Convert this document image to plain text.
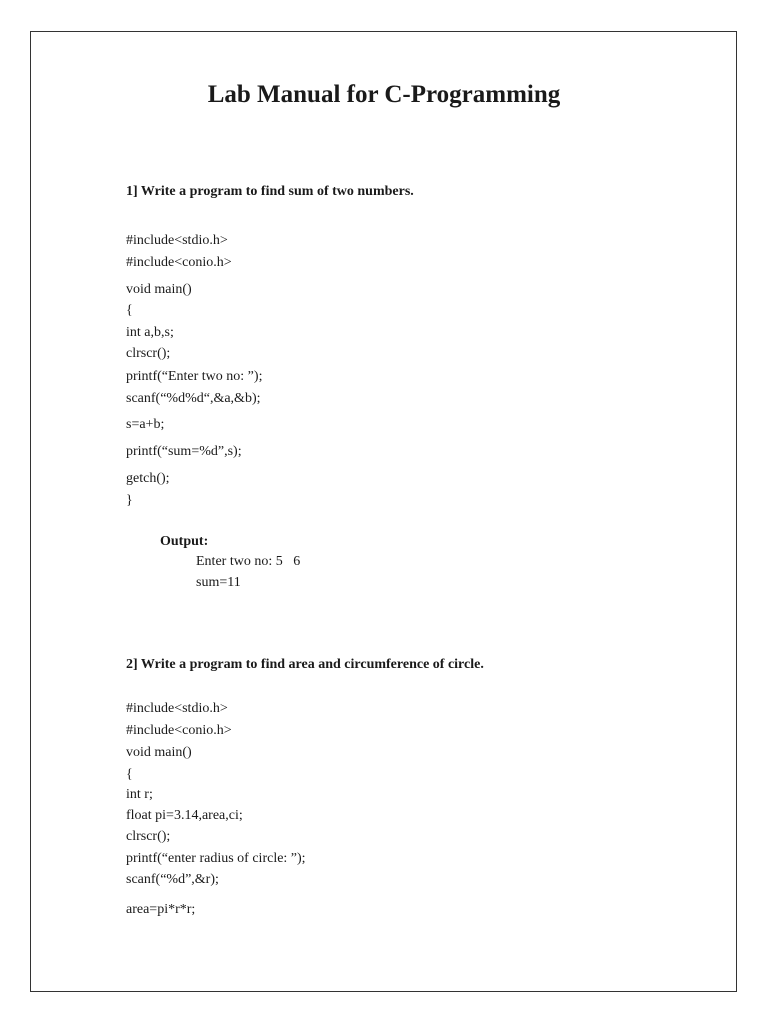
Lab Manual for C-Programming

1] Write a program to find sum of two numbers.

#include<stdio.h>

#include<conio.h>

void main()

{

int a,b,s;

clrscr();

printf(“Enter two no: ”);

scanf(“%d%d“,&a,&b);

s=a+b;

printf(“sum=%d”,s);

getch();

}

Output:

Enter two no: 5   6

sum=11

2] Write a program to find area and circumference of circle.

#include<stdio.h>

#include<conio.h>

void main()

{

int r;

float pi=3.14,area,ci;

clrscr();

printf(“enter radius of circle: ”);

scanf(“%d”,&r);

area=pi*r*r;
